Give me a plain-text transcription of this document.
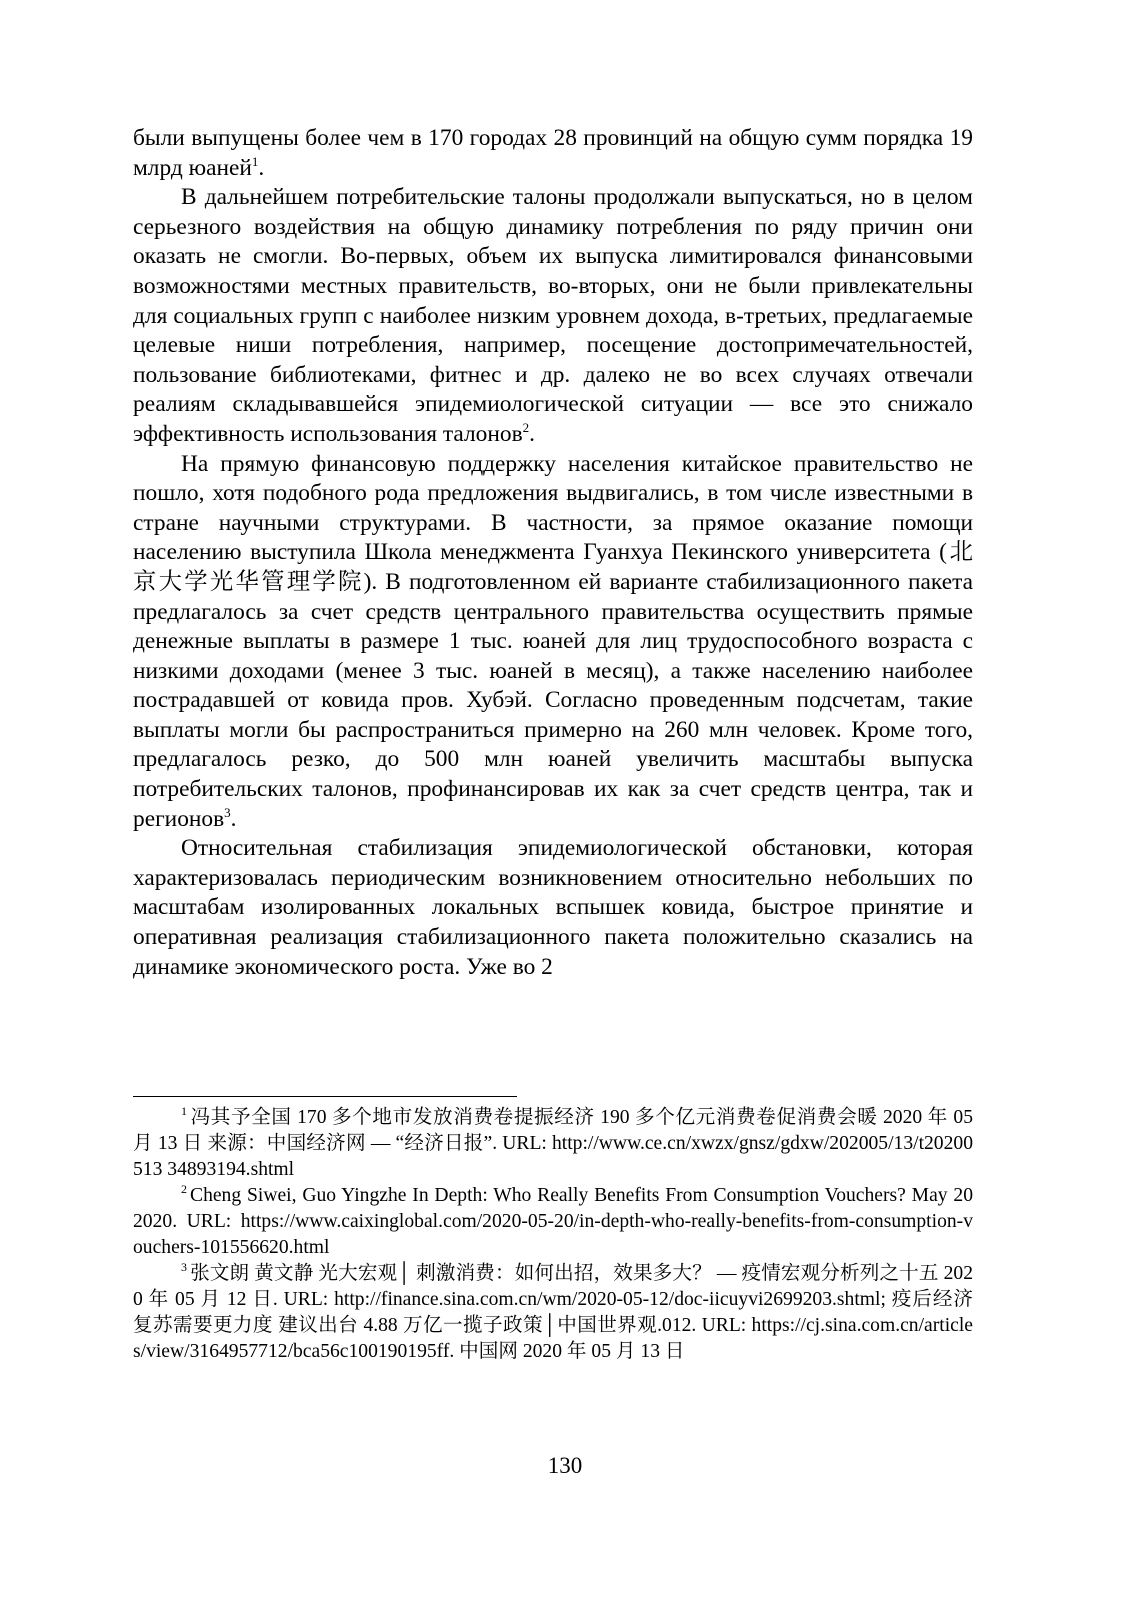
были выпущены более чем в 170 городах 28 провинций на общую сумм порядка 19 млрд юаней$^1$.

В дальнейшем потребительские талоны продолжали выпускаться, но в целом серьезного воздействия на общую динамику потребления по ряду причин они оказать не смогли. Во-первых, объем их выпуска лимитировался финансовыми возможностями местных правительств, во-вторых, они не были привлекательны для социальных групп с наиболее низким уровнем дохода, в-третьих, предлагаемые целевые ниши потребления, например, посещение достопримечательностей, пользование библиотеками, фитнес и др. далеко не во всех случаях отвечали реалиям складывавшейся эпидемиологической ситуации — все это снижало эффективность использования талонов$^2$.

На прямую финансовую поддержку населения китайское правительство не пошло, хотя подобного рода предложения выдвигались, в том числе известными в стране научными структурами. В частности, за прямое оказание помощи населению выступила Школа менеджмента Гуанхуа Пекинского университета (北京大学光华管理学院). В подготовленном ей варианте стабилизационного пакета предлагалось за счет средств центрального правительства осуществить прямые денежные выплаты в размере 1 тыс. юаней для лиц трудоспособного возраста с низкими доходами (менее 3 тыс. юаней в месяц), а также населению наиболее пострадавшей от ковида пров. Хубэй. Согласно проведенным подсчетам, такие выплаты могли бы распространиться примерно на 260 млн человек. Кроме того, предлагалось резко, до 500 млн юаней увеличить масштабы выпуска потребительских талонов, профинансировав их как за счет средств центра, так и регионов$^3$.

Относительная стабилизация эпидемиологической обстановки, которая характеризовалась периодическим возникновением относительно небольших по масштабам изолированных локальных вспышек ковида, быстрое принятие и оперативная реализация стабилизационного пакета положительно сказались на динамике экономического роста. Уже во 2

$^1$ 冯其予全国 170 多个地市发放消费卷提振经济 190 多个亿元消费卷促消费会暖 2020 年 05 月 13 日 来源：中国经济网 — “经济日报”. URL: http://www.ce.cn/xwzx/gnsz/gdxw/202005/13/t20200513 34893194.shtml

$^2$ Cheng Siwei, Guo Yingzhe In Depth: Who Really Benefits From Consumption Vouchers? May 20 2020. URL: https://www.caixinglobal.com/2020-05-20/in-depth-who-really-benefits-from-consumption-vouchers-101556620.html

$^3$ 张文朗 黄文静 光大宏观│ 刺激消费：如何出招，效果多大？ — 疫情宏观分析列之十五 2020 年 05 月 12 日. URL: http://finance.sina.com.cn/wm/2020-05-12/doc-iicuyvi2699203.shtml; 疫后经济复苏需要更力度 建议出台 4.88 万亿一揽子政策│中国世界观.012. URL: https://cj.sina.com.cn/articles/view/3164957712/bca56c100190195ff. 中国网 2020 年 05 月 13 日

130
